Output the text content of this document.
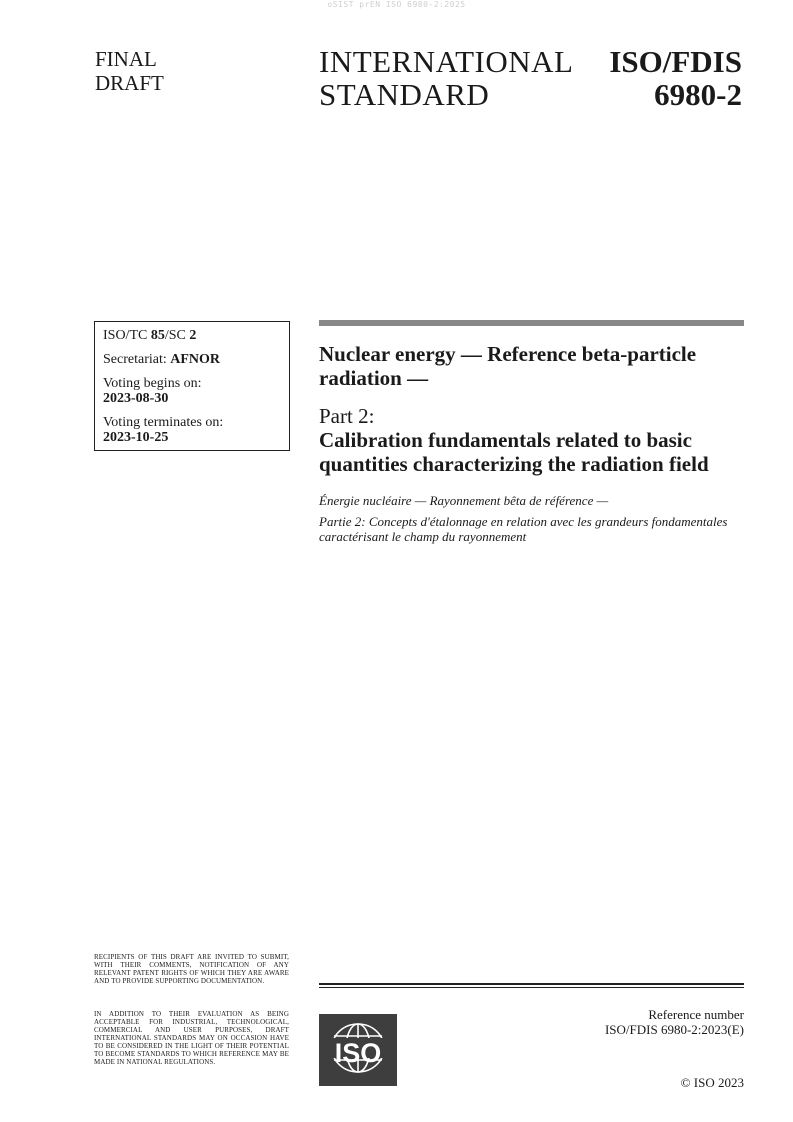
oSIST prEN ISO 6980-2:2025
FINAL
DRAFT
INTERNATIONAL
STANDARD
ISO/FDIS
6980-2
ISO/TC 85/SC 2
Secretariat: AFNOR
Voting begins on:
2023-08-30
Voting terminates on:
2023-10-25
Nuclear energy — Reference beta-particle radiation —
Part 2:
Calibration fundamentals related to basic quantities characterizing the radiation field
Énergie nucléaire — Rayonnement bêta de référence —
Partie 2: Concepts d'étalonnage en relation avec les grandeurs fondamentales caractérisant le champ du rayonnement
RECIPIENTS OF THIS DRAFT ARE INVITED TO SUBMIT, WITH THEIR COMMENTS, NOTIFICATION OF ANY RELEVANT PATENT RIGHTS OF WHICH THEY ARE AWARE AND TO PROVIDE SUPPORTING DOCUMENTATION.
IN ADDITION TO THEIR EVALUATION AS BEING ACCEPTABLE FOR INDUSTRIAL, TECHNOLOGICAL, COMMERCIAL AND USER PURPOSES, DRAFT INTERNATIONAL STANDARDS MAY ON OCCASION HAVE TO BE CONSIDERED IN THE LIGHT OF THEIR POTENTIAL TO BECOME STANDARDS TO WHICH REFERENCE MAY BE MADE IN NATIONAL REGULATIONS.	ISO
Reference number
ISO/FDIS 6980-2:2023(E)
© ISO 2023
